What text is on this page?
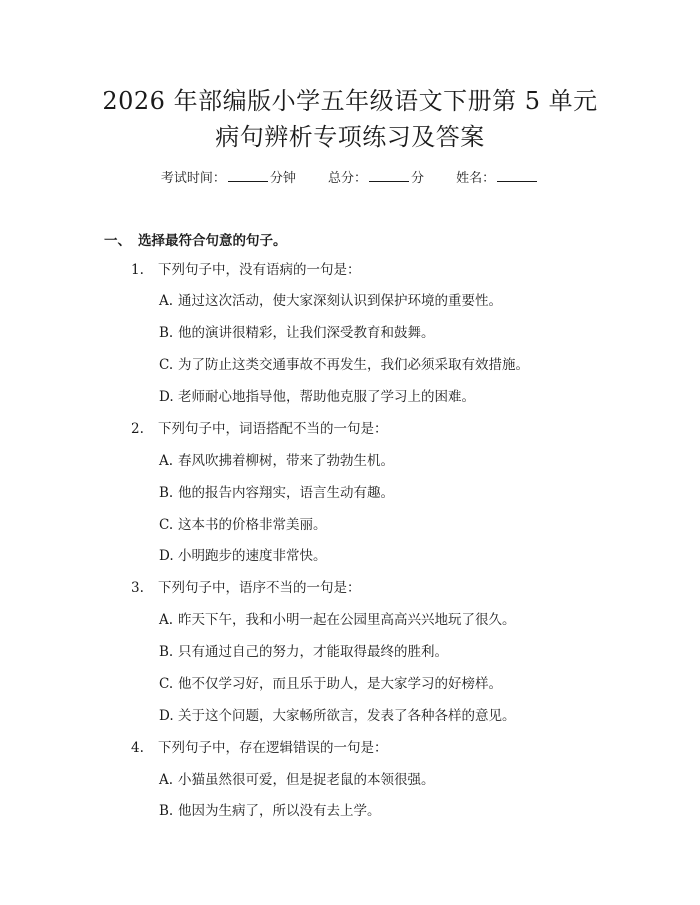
2026 年部编版小学五年级语文下册第 5 单元
病句辨析专项练习及答案
考试时间：	分钟 总分：	分 姓名：
一、 选择最符合句意的句子。
1. 下列句子中，没有语病的一句是：
A. 通过这次活动，使大家深刻认识到保护环境的重要性。
B. 他的演讲很精彩，让我们深受教育和鼓舞。
C. 为了防止这类交通事故不再发生，我们必须采取有效措施。
D. 老师耐心地指导他，帮助他克服了学习上的困难。
2. 下列句子中，词语搭配不当的一句是：
A. 春风吹拂着柳树，带来了勃勃生机。
B. 他的报告内容翔实，语言生动有趣。
C. 这本书的价格非常美丽。
D. 小明跑步的速度非常快。
3. 下列句子中，语序不当的一句是：
A. 昨天下午，我和小明一起在公园里高高兴兴地玩了很久。
B. 只有通过自己的努力，才能取得最终的胜利。
C. 他不仅学习好，而且乐于助人，是大家学习的好榜样。
D. 关于这个问题，大家畅所欲言，发表了各种各样的意见。
4. 下列句子中，存在逻辑错误的一句是：
A. 小猫虽然很可爱，但是捉老鼠的本领很强。
B. 他因为生病了，所以没有去上学。
